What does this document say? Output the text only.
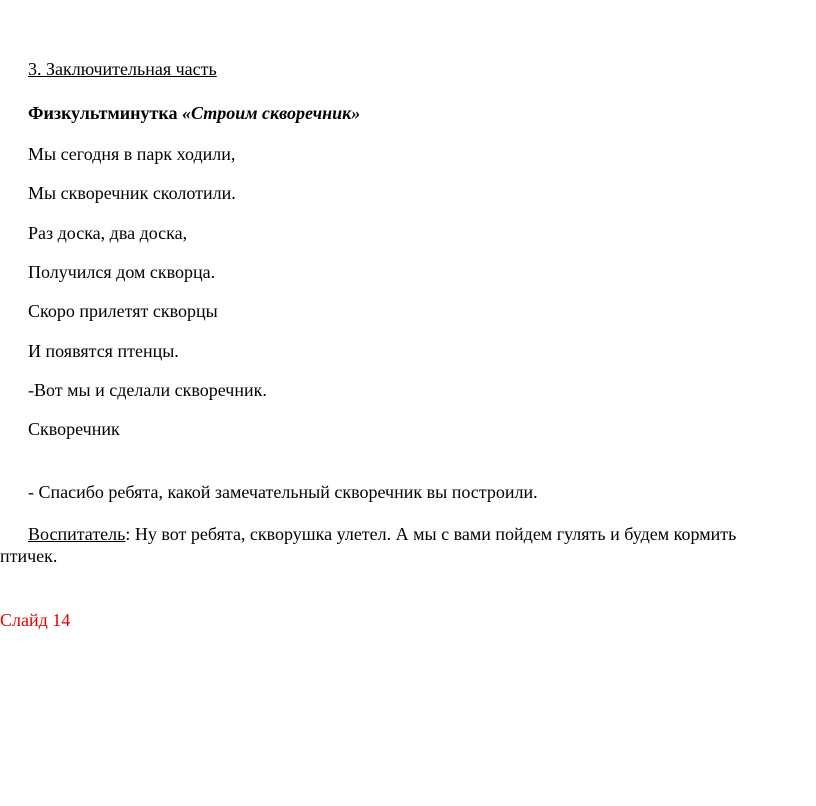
3. Заключительная часть
Физкультминутка «Строим скворечник»
Мы сегодня в парк ходили,
Мы скворечник сколотили.
Раз доска, два доска,
Получился дом скворца.
Скоро прилетят скворцы
И появятся птенцы.
-Вот мы и сделали скворечник.
Скворечник
- Спасибо ребята, какой замечательный скворечник вы построили.
Воспитатель: Ну вот ребята, скворушка улетел. А мы с вами пойдем гулять и будем кормить
птичек.
Слайд 14
